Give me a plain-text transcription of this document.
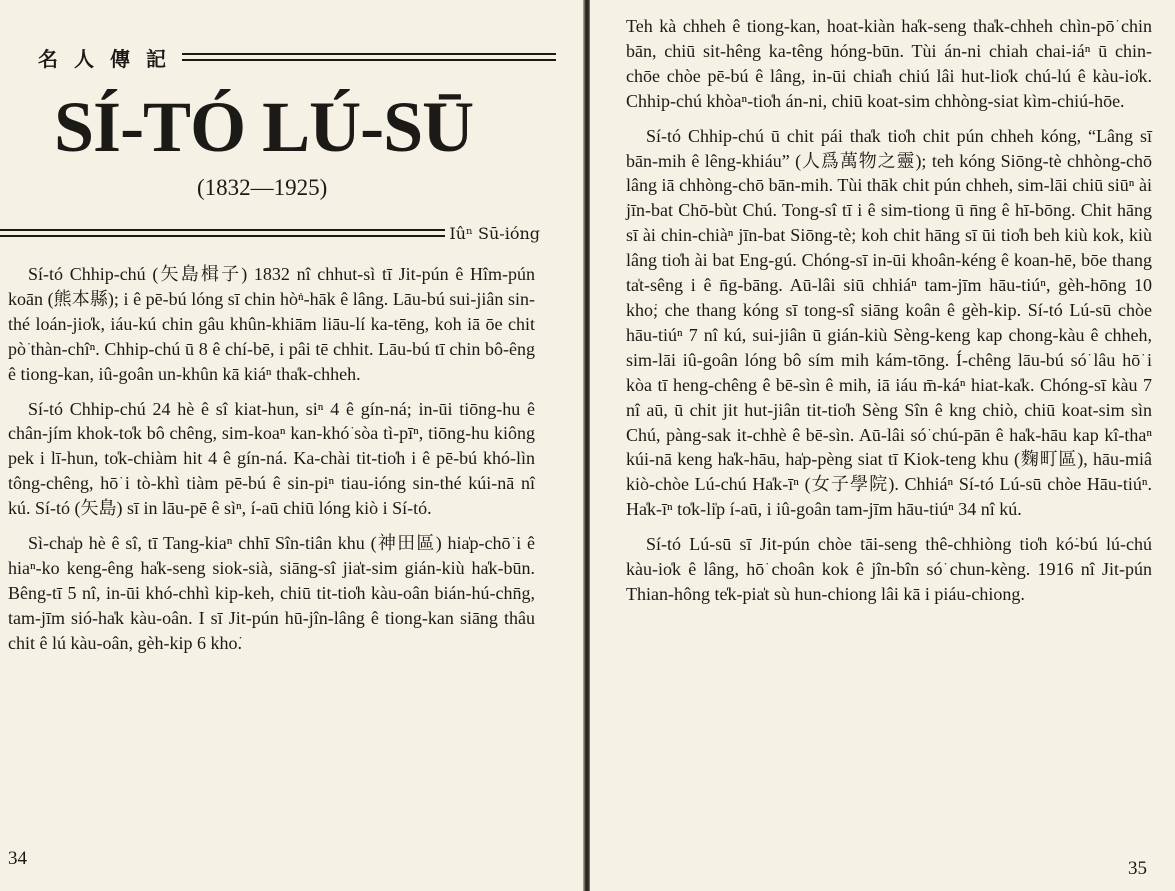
名人傳記
SÍ-TÓ LÚ-SŪ
(1832—1925)
Iûⁿ Sū-ióng

Sí-tó Chhip-chú (矢島楫子) 1832 nî chhut-sì tī Jit-pún ê Hîm-pún koān (熊本縣); i ê pē-bú lóng sī chin hò͘ⁿ-hāk ê lâng. Lāu-bú sui-jiân sin-thé loán-jio̍k, iáu-kú chin gâu khûn-khiām liāu-lí ka-tēng, koh iā ōe chit pò͘ thàn-chîⁿ. Chhip-chú ū 8 ê chí-bē, i pâi tē chhit. Lāu-bú tī chin bô-êng ê tiong-kan, iû-goân un-khûn kā kiáⁿ tha̍k-chheh.

Sí-tó Chhip-chú 24 hè ê sî kiat-hun, siⁿ 4 ê gín-ná; in-ūi tiōng-hu ê chân-jím khok-to̍k bô chêng, sim-koaⁿ kan-khó͘ sòa tì-pīⁿ, tiōng-hu kiông pek i lī-hun, to̍k-chiàm hit 4 ê gín-ná. Ka-chài tit-tio̍h i ê pē-bú khó-lìn tông-chêng, hō͘ i tò-khì tiàm pē-bú ê sin-piⁿ tiau-ióng sin-thé kúi-nā nî kú. Sí-tó (矢島) sī in lāu-pē ê sìⁿ, í-aū chiū lóng kiò i Sí-tó.

Sì-cha̍p hè ê sî, tī Tang-kiaⁿ chhī Sîn-tiân khu (神田區) hia̍p-chō͘ i ê hiaⁿ-ko keng-êng ha̍k-seng siok-sià, siāng-sî jia̍t-sim gián-kiù ha̍k-būn. Bêng-tī 5 nî, in-ūi khó-chhì kip-keh, chiū tit-tio̍h kàu-oân bián-hú-chn̄g, tam-jīm sió-ha̍k kàu-oân. I sī Jit-pún hū-jîn-lâng ê tiong-kan siāng thâu chit ê lú kàu-oân, gèh-kip 6 kho͘.

34

Teh kà chheh ê tiong-kan, hoat-kiàn ha̍k-seng tha̍k-chheh chìn-pō͘ chin bān, chiū sit-hêng ka-têng hóng-būn. Tùi án-ni chiah chai-iáⁿ ū chin-chōe chòe pē-bú ê lâng, in-ūi chia̍h chiú lâi hut-lio̍k chú-lú ê kàu-io̍k. Chhip-chú khòaⁿ-tio̍h án-ni, chiū koat-sim chhòng-siat kìm-chiú-hōe.

Sí-tó Chhip-chú ū chit pái tha̍k tio̍h chit pún chheh kóng, “Lâng sī bān-mih ê lêng-khiáu” (人爲萬物之靈); teh kóng Siōng-tè chhòng-chō lâng iā chhòng-chō bān-mih. Tùi thāk chit pún chheh, sim-lāi chiū siūⁿ ài jīn-bat Chō-bùt Chú. Tong-sî tī i ê sim-tiong ū n̄ng ê hī-bōng. Chit hāng sī ài chin-chiàⁿ jīn-bat Siōng-tè; koh chit hāng sī ūi tio̍h beh kiù kok, kiù lâng tio̍h ài bat Eng-gú. Chóng-sī in-ūi khoân-kéng ê koan-hē, bōe thang ta̍t-sêng i ê n̄g-bāng. Aū-lâi siū chhiáⁿ tam-jīm hāu-tiúⁿ, gèh-hōng 10 kho͘; che thang kóng sī tong-sî siāng koân ê gèh-kip. Sí-tó Lú-sū chòe hāu-tiúⁿ 7 nî kú, sui-jiân ū gián-kiù Sèng-keng kap chong-kàu ê chheh, sim-lāi iû-goân lóng bô sím mih kám-tōng. Í-chêng lāu-bú só͘ lâu hō͘ i kòa tī heng-chêng ê bē-sìn ê mih, iā iáu m̄-káⁿ hiat-ka̍k. Chóng-sī kàu 7 nî aū, ū chit jit hut-jiân tit-tio̍h Sèng Sîn ê kng chiò, chiū koat-sim sìn Chú, pàng-sak it-chhè ê bē-sìn. Aū-lâi só͘ chú-pān ê ha̍k-hāu kap kî-thaⁿ kúi-nā keng ha̍k-hāu, ha̍p-pèng siat tī Kiok-teng khu (麴町區), hāu-miâ kiò-chòe Lú-chú Ha̍k-īⁿ (女子學院). Chhiáⁿ Sí-tó Lú-sū chòe Hāu-tiúⁿ. Ha̍k-īⁿ to̍k-li̍p í-aū, i iû-goân tam-jīm hāu-tiúⁿ 34 nî kú.

Sí-tó Lú-sū sī Jit-pún chòe tāi-seng thê-chhiòng tio̍h kó͘-bú lú-chú kàu-io̍k ê lâng, hō͘ choân kok ê jîn-bîn só͘ chun-kèng. 1916 nî Jit-pún Thian-hông te̍k-pia̍t sù hun-chiong lâi kā i piáu-chiong.

35
